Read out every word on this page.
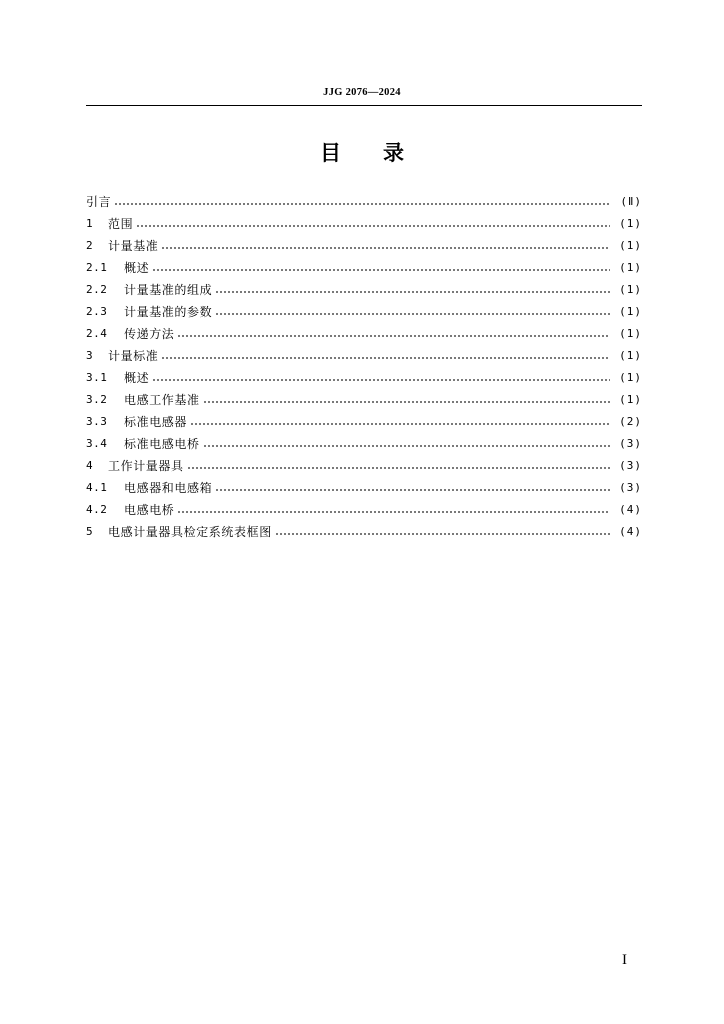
JJG 2076—2024
目　　录
引言	(Ⅱ)
1	范围	(1)
2	计量基准	(1)
2.1	概述	(1)
2.2	计量基准的组成	(1)
2.3	计量基准的参数	(1)
2.4	传递方法	(1)
3	计量标准	(1)
3.1	概述	(1)
3.2	电感工作基准	(1)
3.3	标准电感器	(2)
3.4	标准电感电桥	(3)
4	工作计量器具	(3)
4.1	电感器和电感箱	(3)
4.2	电感电桥	(4)
5	电感计量器具检定系统表框图	(4)
I
